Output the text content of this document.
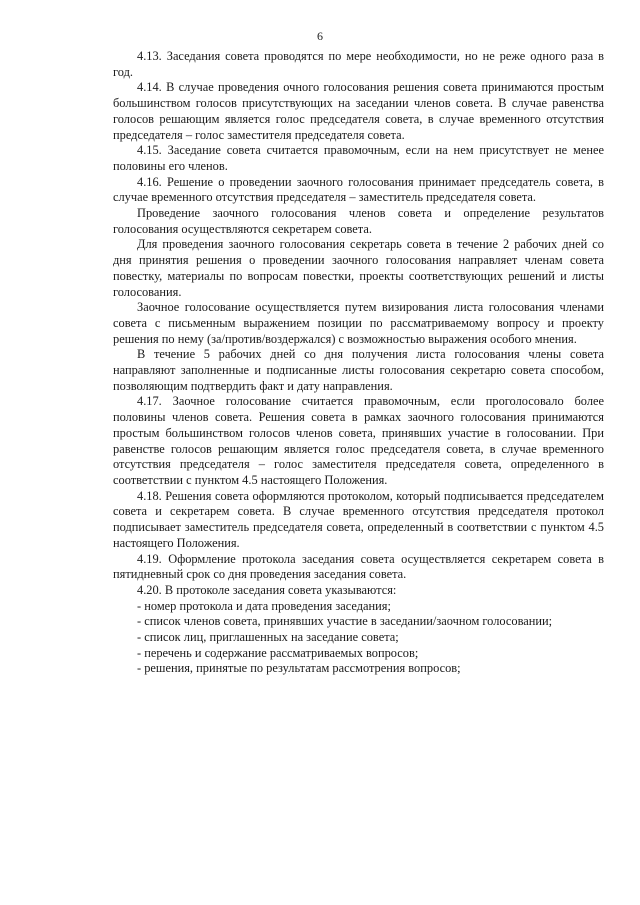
6

4.13. Заседания совета проводятся по мере необходимости, но не реже одного раза в год.

4.14. В случае проведения очного голосования решения совета принимаются простым большинством голосов присутствующих на заседании членов совета. В случае равенства голосов решающим является голос председателя совета, в случае временного отсутствия председателя – голос заместителя председателя совета.

4.15. Заседание совета считается правомочным, если на нем присутствует не менее половины его членов.

4.16. Решение о проведении заочного голосования принимает председатель совета, в случае временного отсутствия председателя – заместитель председателя совета.

Проведение заочного голосования членов совета и определение результатов голосования осуществляются секретарем совета.

Для проведения заочного голосования секретарь совета в течение 2 рабочих дней со дня принятия решения о проведении заочного голосования направляет членам совета повестку, материалы по вопросам повестки, проекты соответствующих решений и листы голосования.

Заочное голосование осуществляется путем визирования листа голосования членами совета с письменным выражением позиции по рассматриваемому вопросу и проекту решения по нему (за/против/воздержался) с возможностью выражения особого мнения.

В течение 5 рабочих дней со дня получения листа голосования члены совета направляют заполненные и подписанные листы голосования секретарю совета способом, позволяющим подтвердить факт и дату направления.

4.17. Заочное голосование считается правомочным, если проголосовало более половины членов совета. Решения совета в рамках заочного голосования принимаются простым большинством голосов членов совета, принявших участие в голосовании. При равенстве голосов решающим является голос председателя совета, в случае временного отсутствия председателя – голос заместителя председателя совета, определенного в соответствии с пунктом 4.5 настоящего Положения.

4.18. Решения совета оформляются протоколом, который подписывается председателем совета и секретарем совета. В случае временного отсутствия председателя протокол подписывает заместитель председателя совета, определенный в соответствии с пунктом 4.5 настоящего Положения.

4.19. Оформление протокола заседания совета осуществляется секретарем совета в пятидневный срок со дня проведения заседания совета.

4.20. В протоколе заседания совета указываются:

- номер протокола и дата проведения заседания;

- список членов совета, принявших участие в заседании/заочном голосовании;

- список лиц, приглашенных на заседание совета;

- перечень и содержание рассматриваемых вопросов;

- решения, принятые по результатам рассмотрения вопросов;
